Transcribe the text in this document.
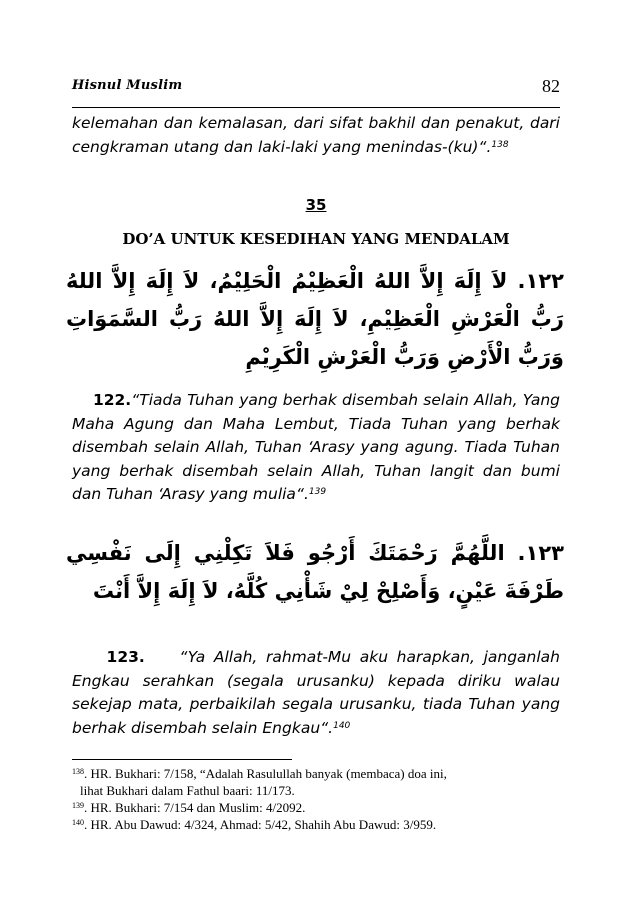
Hisnul Muslim	82

kelemahan dan kemalasan, dari sifat bakhil dan penakut, dari cengkraman utang dan laki-laki yang menindas-(ku)“.$^{138}$

35
DO’A UNTUK KESEDIHAN YANG MENDALAM
١٢٢. لاَ إِلَهَ إِلاَّ اللهُ الْعَظِيْمُ الْحَلِيْمُ، لاَ إِلَهَ إِلاَّ اللهُ رَبُّ الْعَرْشِ الْعَظِيْمِ، لاَ إِلَهَ إِلاَّ اللهُ رَبُّ السَّمَوَاتِ وَرَبُّ الْأَرْضِ وَرَبُّ الْعَرْشِ الْكَرِيْمِ

122.“Tiada Tuhan yang berhak disembah selain Allah, Yang Maha Agung dan Maha Lembut, Tiada Tuhan yang berhak disembah selain Allah, Tuhan ‘Arasy yang agung. Tiada Tuhan yang berhak disembah selain Allah, Tuhan langit dan bumi dan Tuhan ‘Arasy yang mulia“.$^{139}$

١٢٣. اللَّهُمَّ رَحْمَتَكَ أَرْجُو فَلاَ تَكِلْنِي إِلَى نَفْسِي طَرْفَةَ عَيْنٍ، وَأَصْلِحْ لِيْ شَأْنِي كُلَّهُ، لاَ إِلَهَ إِلاَّ أَنْتَ

123. “Ya Allah, rahmat-Mu aku harapkan, janganlah Engkau serahkan (segala urusanku) kepada diriku walau sekejap mata, perbaikilah segala urusanku, tiada Tuhan yang berhak disembah selain Engkau“.$^{140}$

$^{138}$. HR. Bukhari: 7/158, “Adalah Rasulullah banyak (membaca) doa ini,
lihat Bukhari dalam Fathul baari: 11/173.

$^{139}$. HR. Bukhari: 7/154 dan Muslim: 4/2092.

$^{140}$. HR. Abu Dawud: 4/324, Ahmad: 5/42, Shahih Abu Dawud: 3/959.
